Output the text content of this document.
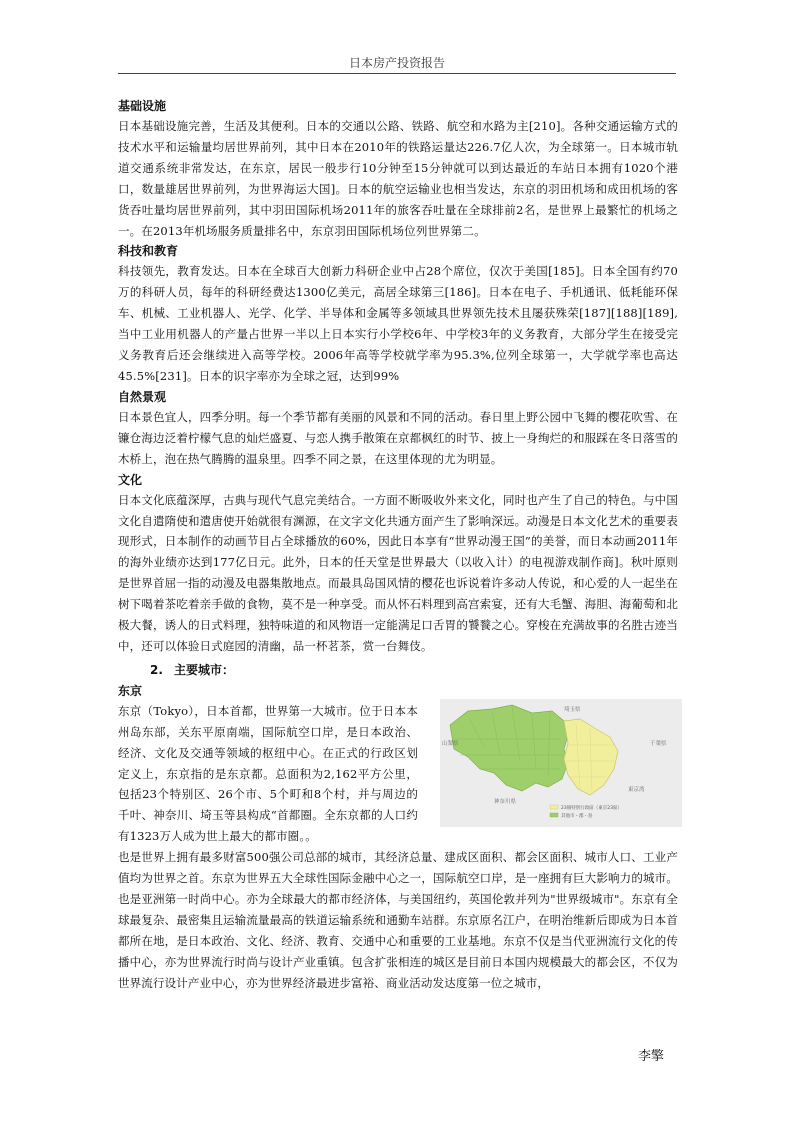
日本房产投资报告
基础设施

日本基础设施完善，生活及其便利。日本的交通以公路、铁路、航空和水路为主[210]。各种交通运输方式的技术水平和运输量均居世界前列，其中日本在2010年的铁路运量达226.7亿人次，为全球第一。日本城市轨道交通系统非常发达，在东京，居民一般步行10分钟至15分钟就可以到达最近的车站日本拥有1020个港口，数量雄居世界前列，为世界海运大国]。日本的航空运输业也相当发达，东京的羽田机场和成田机场的客货吞吐量均居世界前列，其中羽田国际机场2011年的旅客吞吐量在全球排前2名，是世界上最繁忙的机场之一。在2013年机场服务质量排名中，东京羽田国际机场位列世界第二。

科技和教育

科技领先，教育发达。日本在全球百大创新力科研企业中占28个席位，仅次于美国[185]。日本全国有约70万的科研人员，每年的科研经费达1300亿美元，高居全球第三[186]。日本在电子、手机通讯、低耗能环保车、机械、工业机器人、光学、化学、半导体和金属等多领域具世界领先技术且屡获殊荣[187][188][189],当中工业用机器人的产量占世界一半以上日本实行小学校6年、中学校3年的义务教育，大部分学生在接受完义务教育后还会继续进入高等学校。2006年高等学校就学率为95.3%,位列全球第一，大学就学率也高达45.5%[231]。日本的识字率亦为全球之冠，达到99%

自然景观

日本景色宜人，四季分明。每一个季节都有美丽的风景和不同的活动。春日里上野公园中飞舞的樱花吹雪、在镰仓海边泛着柠檬气息的灿烂盛夏、与恋人携手散策在京都枫红的时节、披上一身绚烂的和服踩在冬日落雪的木桥上，泡在热气腾腾的温泉里。四季不同之景，在这里体现的尤为明显。

文化

日本文化底蕴深厚，古典与现代气息完美结合。一方面不断吸收外来文化，同时也产生了自己的特色。与中国文化自遣隋使和遣唐使开始就很有渊源，在文字文化共通方面产生了影响深远。动漫是日本文化艺术的重要表现形式，日本制作的动画节目占全球播放的60%，因此日本享有“世界动漫王国”的美誉，而日本动画2011年的海外业绩亦达到177亿日元。此外，日本的任天堂是世界最大（以收入计）的电视游戏制作商]。秋叶原则是世界首屈一指的动漫及电器集散地点。而最具岛国风情的樱花也诉说着许多动人传说，和心爱的人一起坐在树下喝着茶吃着亲手做的食物，莫不是一种享受。而从怀石料理到高宫索宴，还有大毛蟹、海胆、海葡萄和北极大餐，诱人的日式料理，独特味道的和风物语一定能满足口舌胃的饕餮之心。穿梭在充满故事的名胜古迹当中，还可以体验日式庭园的清幽，品一杯茗茶，赏一台舞伎。

2. 主要城市：
东京

东京（Tokyo），日本首都，世界第一大城市。位于日本本州岛东部，关东平原南端，国际航空口岸，是日本政治、经济、文化及交通等领域的枢纽中心。在正式的行政区划定义上，东京指的是东京都。总面积为2,162平方公里，包括23个特别区、26个市、5个町和8个村，并与周边的千叶、神奈川、埼玉等县构成“首都圈。全东京都的人口约有1323万人成为世上最大的都市圈。。

埼玉県
山梨県	千葉県
神奈川県
東京湾
23個特別行政區（東京23區）
其他市・郡・島

也是世界上拥有最多财富500强公司总部的城市，其经济总量、建成区面积、都会区面积、城市人口、工业产值均为世界之首。东京为世界五大全球性国际金融中心之一，国际航空口岸，是一座拥有巨大影响力的城市。也是亚洲第一时尚中心。亦为全球最大的都市经济体，与美国纽约，英国伦敦并列为"世界级城市"。东京有全球最复杂、最密集且运输流量最高的铁道运输系统和通勤车站群。东京原名江户，在明治维新后即成为日本首都所在地，是日本政治、文化、经济、教育、交通中心和重要的工业基地。东京不仅是当代亚洲流行文化的传播中心，亦为世界流行时尚与设计产业重镇。包含扩张相连的城区是目前日本国内规模最大的都会区，不仅为世界流行设计产业中心，亦为世界经济最进步富裕、商业活动发达度第一位之城市，

李擎
